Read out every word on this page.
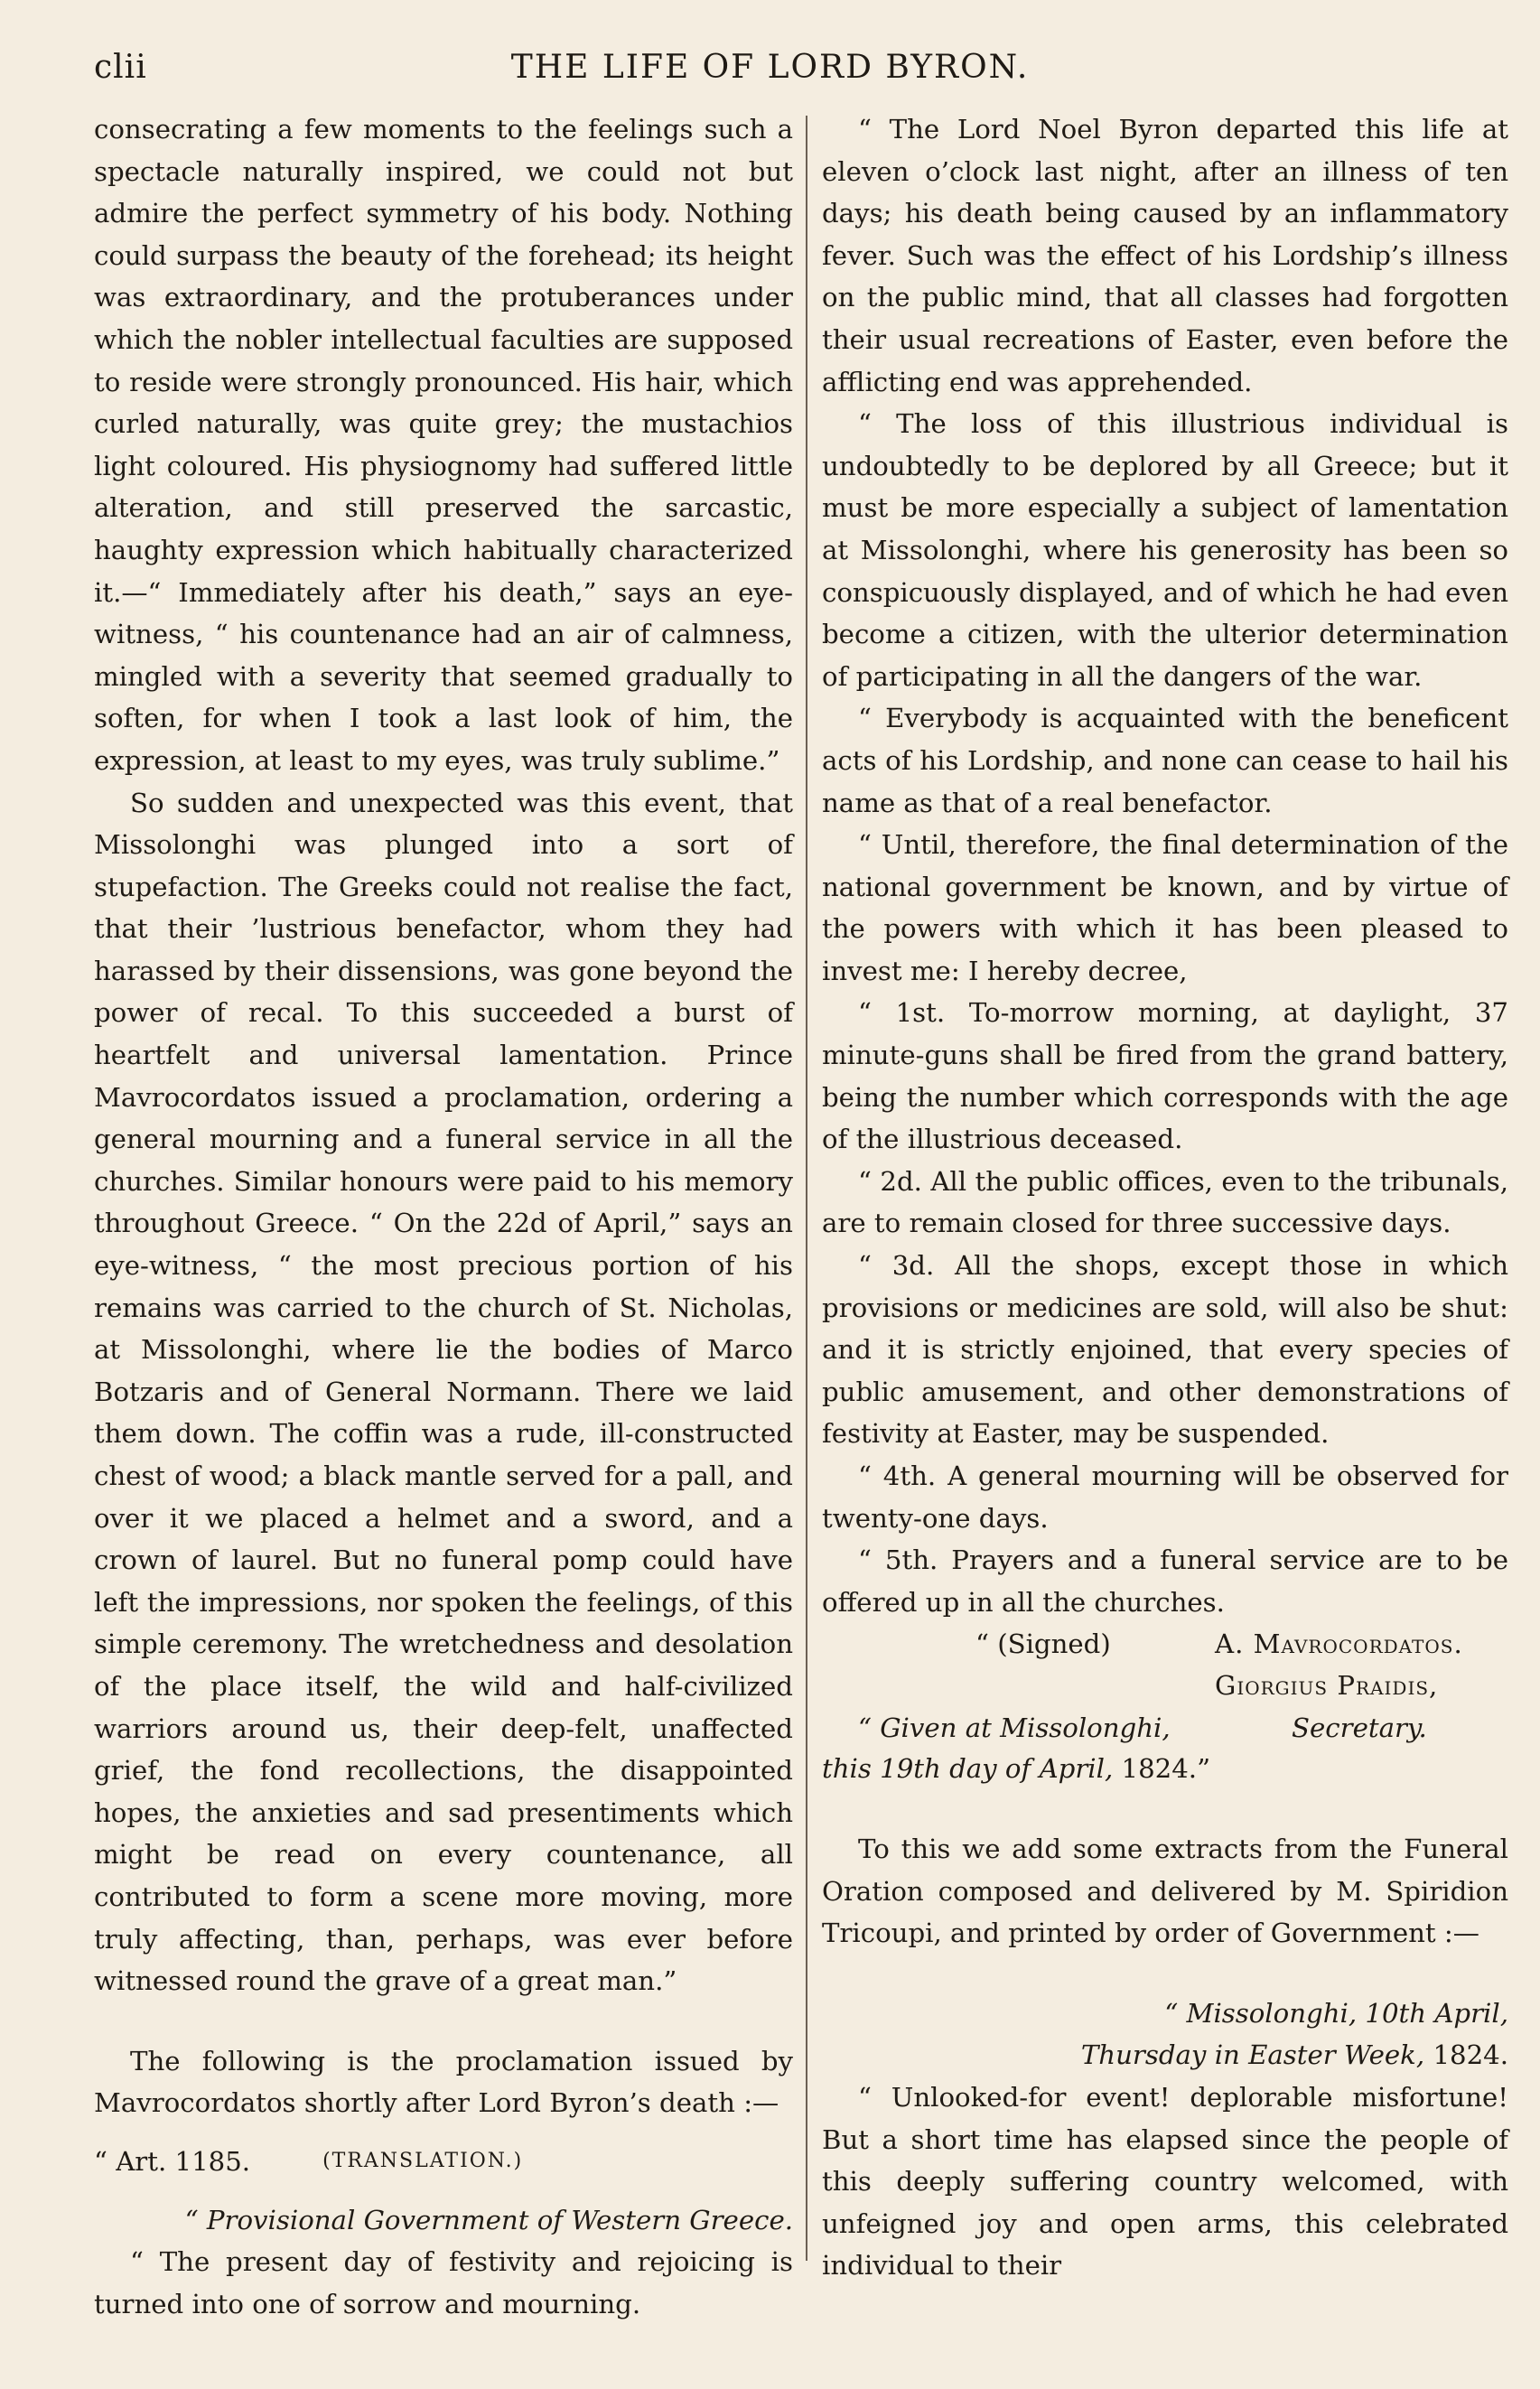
clii	THE LIFE OF LORD BYRON.

consecrating a few moments to the feelings such a spectacle naturally inspired, we could not but admire the perfect symmetry of his body. Nothing could surpass the beauty of the forehead; its height was extraordinary, and the protuberances under which the nobler intellectual faculties are supposed to reside were strongly pronounced. His hair, which curled naturally, was quite grey; the mustachios light coloured. His physiognomy had suffered little alteration, and still preserved the sarcastic, haughty expression which habitually characterized it.—“ Immediately after his death,” says an eye-witness, “ his countenance had an air of calmness, mingled with a severity that seemed gradually to soften, for when I took a last look of him, the expression, at least to my eyes, was truly sublime.”

So sudden and unexpected was this event, that Missolonghi was plunged into a sort of stupefaction. The Greeks could not realise the fact, that their ’lustrious benefactor, whom they had harassed by their dissensions, was gone beyond the power of recal. To this succeeded a burst of heartfelt and universal lamentation. Prince Mavrocordatos issued a proclamation, ordering a general mourning and a funeral service in all the churches. Similar honours were paid to his memory throughout Greece. “ On the 22d of April,” says an eye-witness, “ the most precious portion of his remains was carried to the church of St. Nicholas, at Missolonghi, where lie the bodies of Marco Botzaris and of General Normann. There we laid them down. The coffin was a rude, ill-constructed chest of wood; a black mantle served for a pall, and over it we placed a helmet and a sword, and a crown of laurel. But no funeral pomp could have left the impressions, nor spoken the feelings, of this simple ceremony. The wretchedness and desolation of the place itself, the wild and half-civilized warriors around us, their deep-felt, unaffected grief, the fond recollections, the disappointed hopes, the anxieties and sad presentiments which might be read on every countenance, all contributed to form a scene more moving, more truly affecting, than, perhaps, was ever before witnessed round the grave of a great man.”

The following is the proclamation issued by Mavrocordatos shortly after Lord Byron’s death :—

“ Art. 1185.	(TRANSLATION.)
“ Provisional Government of Western Greece.

“ The present day of festivity and rejoicing is turned into one of sorrow and mourning.

“ The Lord Noel Byron departed this life at eleven o’clock last night, after an illness of ten days; his death being caused by an inflammatory fever. Such was the effect of his Lordship’s illness on the public mind, that all classes had forgotten their usual recreations of Easter, even before the afflicting end was apprehended.

“ The loss of this illustrious individual is undoubtedly to be deplored by all Greece; but it must be more especially a subject of lamentation at Missolonghi, where his generosity has been so conspicuously displayed, and of which he had even become a citizen, with the ulterior determination of participating in all the dangers of the war.

“ Everybody is acquainted with the beneficent acts of his Lordship, and none can cease to hail his name as that of a real benefactor.

“ Until, therefore, the final determination of the national government be known, and by virtue of the powers with which it has been pleased to invest me: I hereby decree,

“ 1st. To-morrow morning, at daylight, 37 minute-guns shall be fired from the grand battery, being the number which corresponds with the age of the illustrious deceased.

“ 2d. All the public offices, even to the tribunals, are to remain closed for three successive days.

“ 3d. All the shops, except those in which provisions or medicines are sold, will also be shut: and it is strictly enjoined, that every species of public amusement, and other demonstrations of festivity at Easter, may be suspended.

“ 4th. A general mourning will be observed for twenty-one days.

“ 5th. Prayers and a funeral service are to be offered up in all the churches.

“ (Signed)	A. Mavrocordatos.
Giorgius Praidis,
“ Given at Missolonghi,	Secretary.
this 19th day of April, 1824.”

To this we add some extracts from the Funeral Oration composed and delivered by M. Spiridion Tricoupi, and printed by order of Government :—

“ Missolonghi, 10th April,
Thursday in Easter Week, 1824.

“ Unlooked-for event! deplorable misfortune! But a short time has elapsed since the people of this deeply suffering country welcomed, with unfeigned joy and open arms, this celebrated individual to their
